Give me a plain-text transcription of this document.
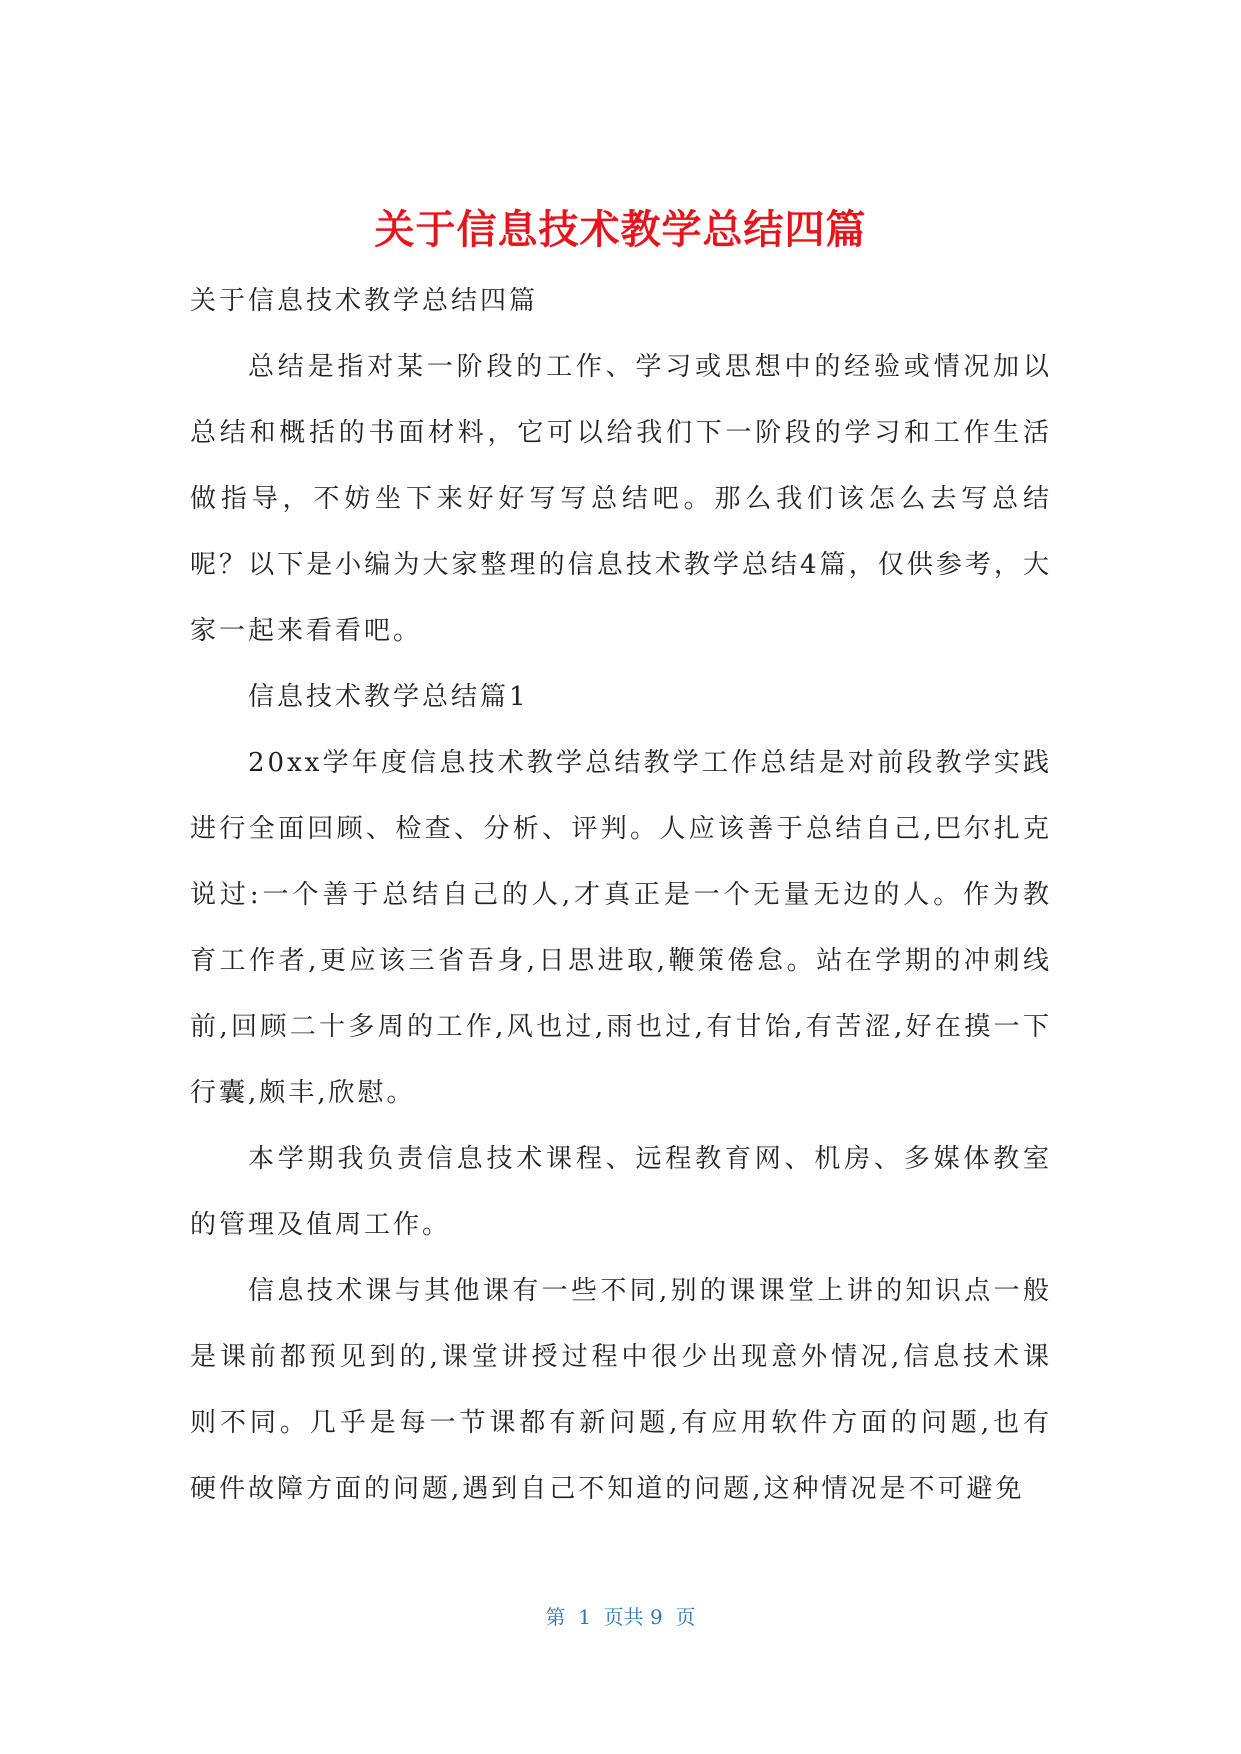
关于信息技术教学总结四篇

关于信息技术教学总结四篇

总结是指对某一阶段的工作、学习或思想中的经验或情况加以总结和概括的书面材料，它可以给我们下一阶段的学习和工作生活做指导，不妨坐下来好好写写总结吧。那么我们该怎么去写总结呢？以下是小编为大家整理的信息技术教学总结4篇，仅供参考，大家一起来看看吧。

信息技术教学总结篇1

20xx学年度信息技术教学总结教学工作总结是对前段教学实践进行全面回顾、检查、分析、评判。人应该善于总结自己,巴尔扎克说过:一个善于总结自己的人,才真正是一个无量无边的人。作为教育工作者,更应该三省吾身,日思进取,鞭策倦怠。站在学期的冲刺线前,回顾二十多周的工作,风也过,雨也过,有甘饴,有苦涩,好在摸一下行囊,颇丰,欣慰。

本学期我负责信息技术课程、远程教育网、机房、多媒体教室的管理及值周工作。

信息技术课与其他课有一些不同,别的课课堂上讲的知识点一般是课前都预见到的,课堂讲授过程中很少出现意外情况,信息技术课则不同。几乎是每一节课都有新问题,有应用软件方面的问题,也有硬件故障方面的问题,遇到自己不知道的问题,这种情况是不可避免

第  1  页共 9  页
